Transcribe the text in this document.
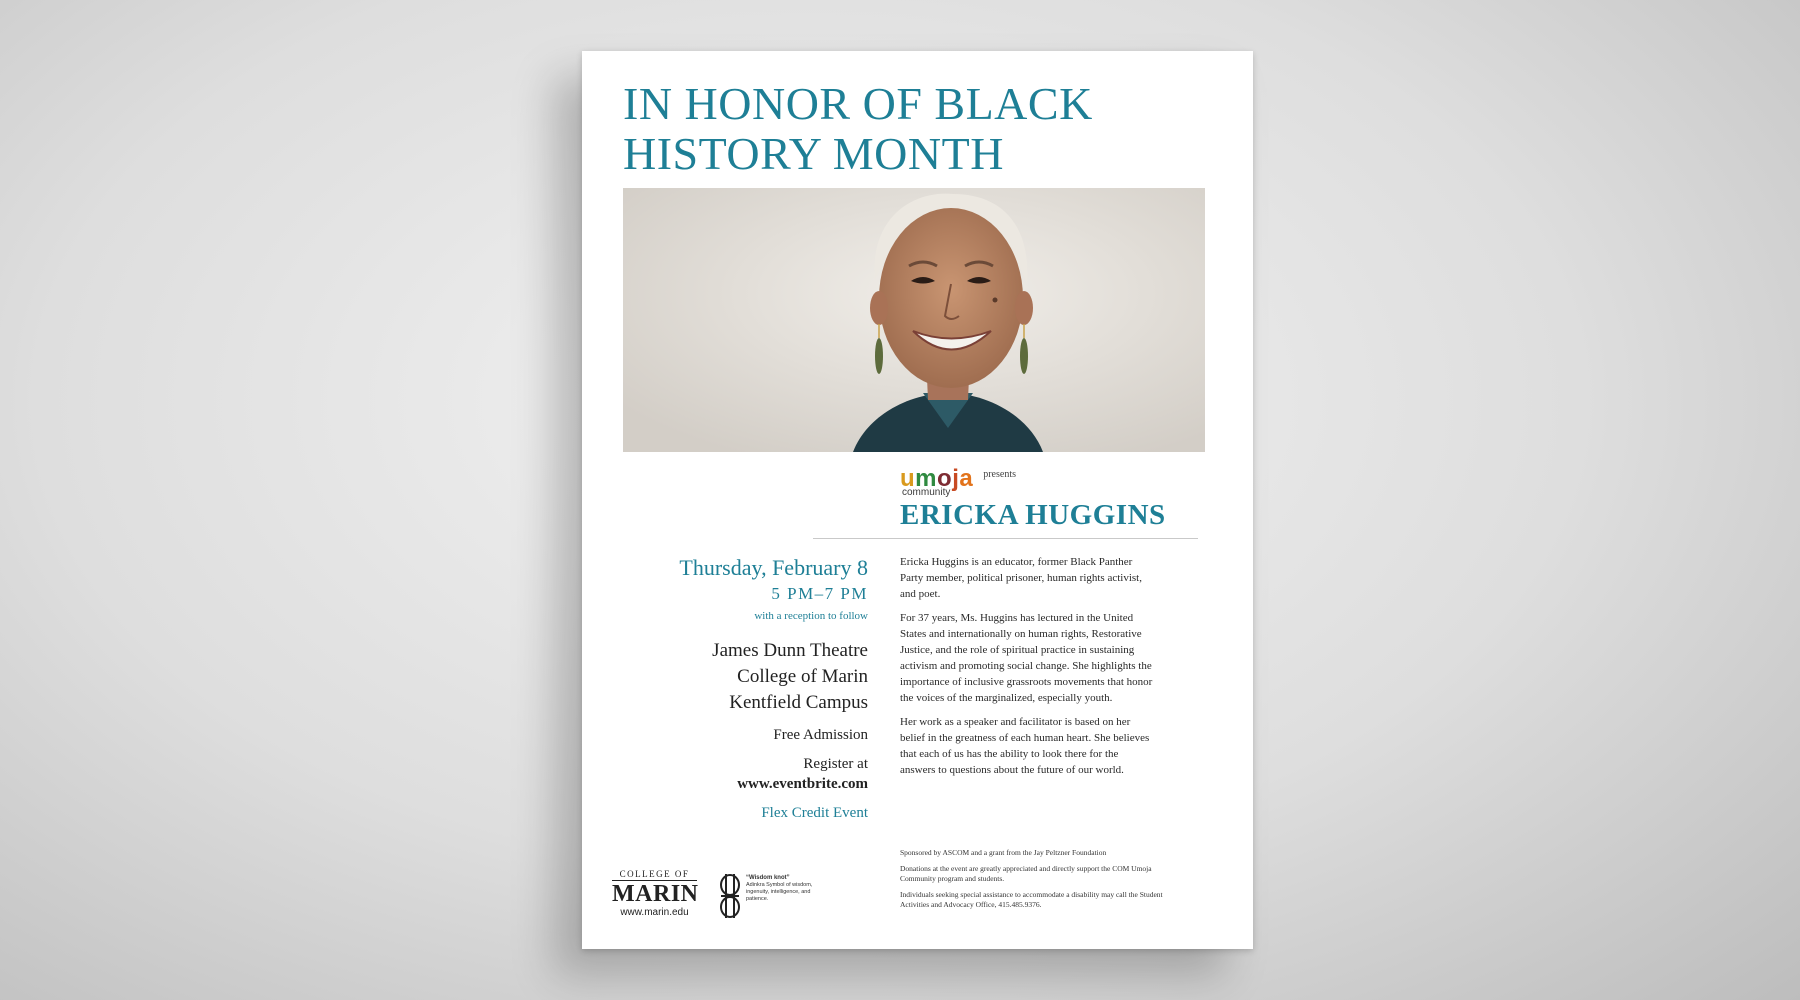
IN HONOR OF BLACK
HISTORY MONTH
umoja
community
$^{presents}$
ERICKA HUGGINS
Thursday, February 8
5 PM–7 PM
with a reception to follow
James Dunn Theatre
College of Marin
Kentfield Campus
Free Admission
Register at
www.eventbrite.com
Flex Credit Event

Ericka Huggins is an educator, former Black Panther Party member, political prisoner, human rights activist, and poet.

For 37 years, Ms. Huggins has lectured in the United States and internationally on human rights, Restorative Justice, and the role of spiritual practice in sustaining activism and promoting social change. She highlights the importance of inclusive grassroots movements that honor the voices of the marginalized, especially youth.

Her work as a speaker and facilitator is based on her belief in the greatness of each human heart. She believes that each of us has the ability to look there for the answers to questions about the future of our world.

Sponsored by ASCOM and a grant from the Jay Peltzner Foundation

Donations at the event are greatly appreciated and directly support the COM Umoja Community program and students.

Individuals seeking special assistance to accommodate a disability may call the Student Activities and Advocacy Office, 415.485.9376.

COLLEGE OF
MARIN
www.marin.edu
“Wisdom knot”
Adinkra Symbol of wisdom, ingenuity, intelligence, and patience.
